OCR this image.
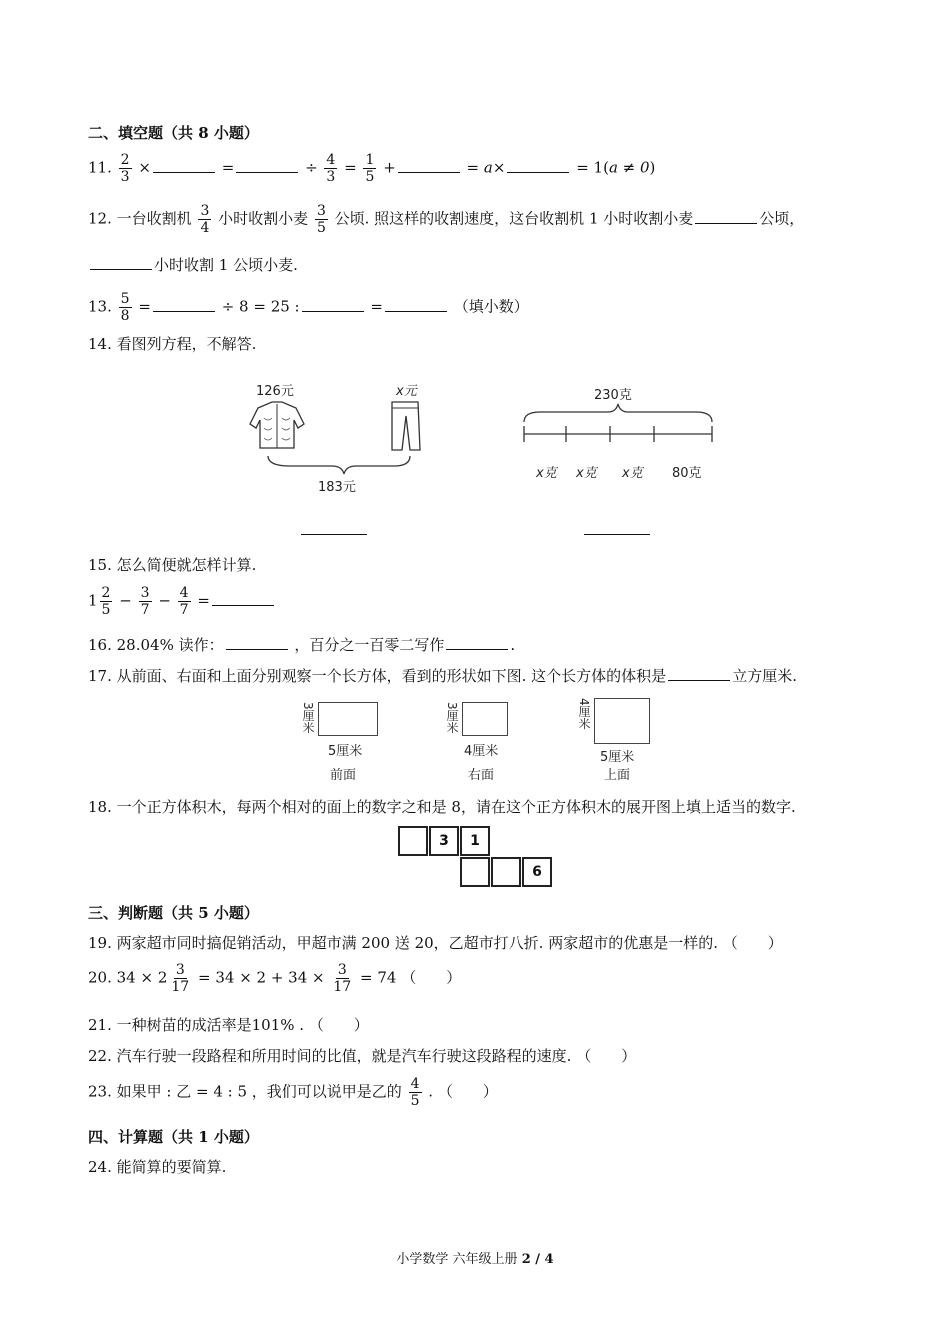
二、填空题（共 8 小题）
11. $\frac{2}{3}$ ×	=	÷ $\frac{4}{3} = \frac{1}{5}$ +	= a×	= 1(a ≠ 0)
12. 一台收割机 $\frac{3}{4}$ 小时收割小麦 $\frac{3}{5}$ 公顷. 照这样的收割速度，这台收割机 1 小时收割小麦	公顷，
小时收割 1 公顷小麦.
13. $\frac{5}{8}$ =	÷ 8 = 25 :	=	（填小数）
14. 看图列方程，不解答.
126元	x元
183元
230克
x克 x克 x克 80克
15. 怎么简便就怎样计算.
$1 \frac{2}{5} - \frac{3}{7} - \frac{4}{7}$ =
16. 28.04% 读作：	，百分之一百零二写作	.
17. 从前面、右面和上面分别观察一个长方体，看到的形状如下图. 这个长方体的体积是	立方厘米.
3厘米
5厘米
前面
3厘米
4厘米
右面
4厘米
5厘米
上面
18. 一个正方体积木，每两个相对的面上的数字之和是 8，请在这个正方体积木的展开图上填上适当的数字.
3	1
6
三、判断题（共 5 小题）
19. 两家超市同时搞促销活动，甲超市满 200 送 20，乙超市打八折. 两家超市的优惠是一样的. （　　）
20. $34 \times 2 \frac{3}{17} = 34 \times 2 + 34 \times \frac{3}{17} = 74$ （　　）
21. 一种树苗的成活率是101% . （　　）
22. 汽车行驶一段路程和所用时间的比值，就是汽车行驶这段路程的速度. （　　）
23. 如果甲 : 乙 = 4 : 5 ，我们可以说甲是乙的 $\frac{4}{5}$ . （　　）
四、计算题（共 1 小题）
24. 能简算的要简算.
小学数学 六年级上册 2 / 4
